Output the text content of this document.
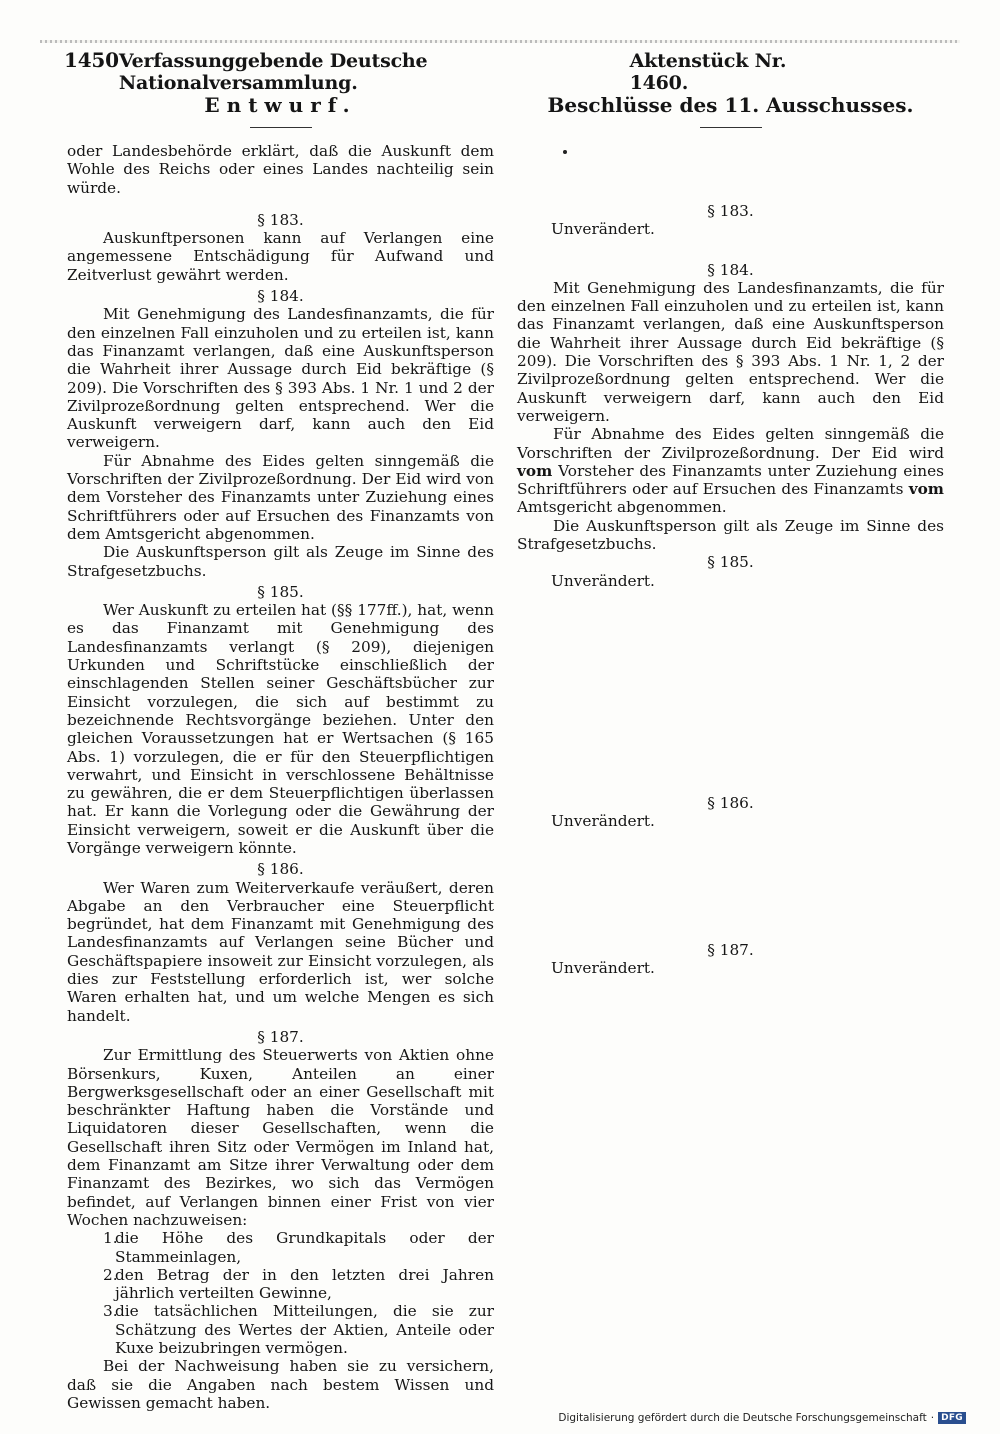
1450 Verfassunggebende Deutsche Nationalversammlung.
Aktenstück Nr. 1460.
Entwurf.

oder Landesbehörde erklärt, daß die Auskunft dem Wohle des Reichs oder eines Landes nachteilig sein würde.

§ 183.

Auskunftpersonen kann auf Verlangen eine angemessene Entschädigung für Aufwand und Zeitverlust gewährt werden.

§ 184.

Mit Genehmigung des Landesfinanzamts, die für den einzelnen Fall einzuholen und zu erteilen ist, kann das Finanzamt verlangen, daß eine Auskunftsperson die Wahrheit ihrer Aussage durch Eid bekräftige (§ 209). Die Vorschriften des § 393 Abs. 1 Nr. 1 und 2 der Zivilprozeßordnung gelten entsprechend. Wer die Auskunft verweigern darf, kann auch den Eid verweigern.

Für Abnahme des Eides gelten sinngemäß die Vorschriften der Zivilprozeßordnung. Der Eid wird von dem Vorsteher des Finanzamts unter Zuziehung eines Schriftführers oder auf Ersuchen des Finanzamts von dem Amtsgericht abgenommen.

Die Auskunftsperson gilt als Zeuge im Sinne des Strafgesetzbuchs.

§ 185.

Wer Auskunft zu erteilen hat (§§ 177ff.), hat, wenn es das Finanzamt mit Genehmigung des Landesfinanzamts verlangt (§ 209), diejenigen Urkunden und Schriftstücke einschließlich der einschlagenden Stellen seiner Geschäftsbücher zur Einsicht vorzulegen, die sich auf bestimmt zu bezeichnende Rechtsvorgänge beziehen. Unter den gleichen Voraussetzungen hat er Wertsachen (§ 165 Abs. 1) vorzulegen, die er für den Steuerpflichtigen verwahrt, und Einsicht in verschlossene Behältnisse zu gewähren, die er dem Steuerpflichtigen überlassen hat. Er kann die Vorlegung oder die Gewährung der Einsicht verweigern, soweit er die Auskunft über die Vorgänge verweigern könnte.

§ 186.

Wer Waren zum Weiterverkaufe veräußert, deren Abgabe an den Verbraucher eine Steuerpflicht begründet, hat dem Finanzamt mit Genehmigung des Landesfinanzamts auf Verlangen seine Bücher und Geschäftspapiere insoweit zur Einsicht vorzulegen, als dies zur Feststellung erforderlich ist, wer solche Waren erhalten hat, und um welche Mengen es sich handelt.

§ 187.

Zur Ermittlung des Steuerwerts von Aktien ohne Börsenkurs, Kuxen, Anteilen an einer Bergwerksgesellschaft oder an einer Gesellschaft mit beschränkter Haftung haben die Vorstände und Liquidatoren dieser Gesellschaften, wenn die Gesellschaft ihren Sitz oder Vermögen im Inland hat, dem Finanzamt am Sitze ihrer Verwaltung oder dem Finanzamt des Bezirkes, wo sich das Vermögen befindet, auf Verlangen binnen einer Frist von vier Wochen nachzuweisen:

1.
die Höhe des Grundkapitals oder der Stammeinlagen,
2.
den Betrag der in den letzten drei Jahren jährlich verteilten Gewinne,
3.
die tatsächlichen Mitteilungen, die sie zur Schätzung des Wertes der Aktien, Anteile oder Kuxe beizubringen vermögen.

Bei der Nachweisung haben sie zu versichern, daß sie die Angaben nach bestem Wissen und Gewissen gemacht haben.

Beschlüsse des 11. Ausschusses.

§ 183.

Unverändert.

§ 184.

Mit Genehmigung des Landesfinanzamts, die für den einzelnen Fall einzuholen und zu erteilen ist, kann das Finanzamt verlangen, daß eine Auskunftsperson die Wahrheit ihrer Aussage durch Eid bekräftige (§ 209). Die Vorschriften des § 393 Abs. 1 Nr. 1, 2 der Zivilprozeßordnung gelten entsprechend. Wer die Auskunft verweigern darf, kann auch den Eid verweigern.

Für Abnahme des Eides gelten sinngemäß die Vorschriften der Zivilprozeßordnung. Der Eid wird vom Vorsteher des Finanzamts unter Zuziehung eines Schriftführers oder auf Ersuchen des Finanzamts vom Amtsgericht abgenommen.

Die Auskunftsperson gilt als Zeuge im Sinne des Strafgesetzbuchs.

§ 185.

Unverändert.

§ 186.

Unverändert.

§ 187.

Unverändert.

Digitalisierung gefördert durch die Deutsche Forschungsgemeinschaft · DFG
